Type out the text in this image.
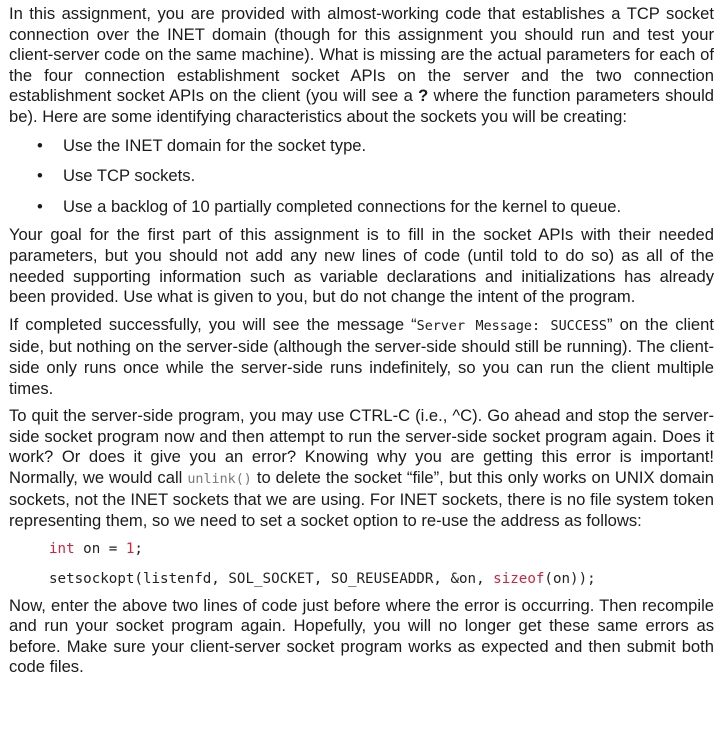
In this assignment, you are provided with almost-working code that establishes a TCP socket connection over the INET domain (though for this assignment you should run and test your client-server code on the same machine). What is missing are the actual parameters for each of the four connection establishment socket APIs on the server and the two connection establishment socket APIs on the client (you will see a ? where the function parameters should be). Here are some identifying characteristics about the sockets you will be creating:

• Use the INET domain for the socket type.
• Use TCP sockets.
• Use a backlog of 10 partially completed connections for the kernel to queue.

Your goal for the first part of this assignment is to fill in the socket APIs with their needed parameters, but you should not add any new lines of code (until told to do so) as all of the needed supporting information such as variable declarations and initializations has already been provided. Use what is given to you, but do not change the intent of the program.

If completed successfully, you will see the message “Server Message: SUCCESS” on the client side, but nothing on the server-side (although the server-side should still be running). The client-side only runs once while the server-side runs indefinitely, so you can run the client multiple times.

To quit the server-side program, you may use CTRL-C (i.e., ^C). Go ahead and stop the server-side socket program now and then attempt to run the server-side socket program again. Does it work? Or does it give you an error? Knowing why you are getting this error is important! Normally, we would call unlink() to delete the socket “file”, but this only works on UNIX domain sockets, not the INET sockets that we are using. For INET sockets, there is no file system token representing them, so we need to set a socket option to re-use the address as follows:

int on = 1;
setsockopt(listenfd, SOL_SOCKET, SO_REUSEADDR, &on, sizeof(on));

Now, enter the above two lines of code just before where the error is occurring. Then recompile and run your socket program again. Hopefully, you will no longer get these same errors as before. Make sure your client-server socket program works as expected and then submit both code files.
